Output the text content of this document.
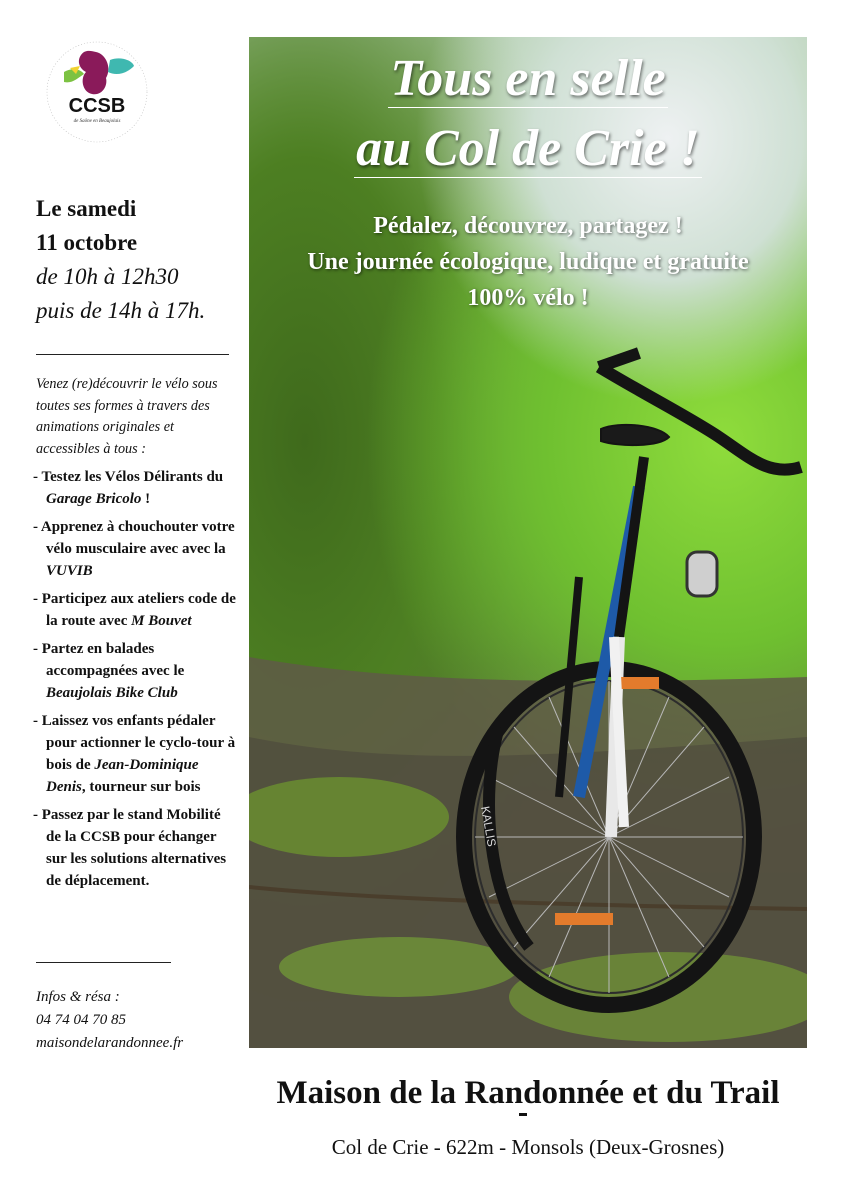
CCSB
de Saône en Beaujolais
Le samedi
11 octobre
de 10h à 12h30
puis de 14h à 17h.
Venez (re)découvrir le vélo sous toutes ses formes à travers des animations originales et accessibles à tous :
- Testez les Vélos Délirants du Garage Bricolo !
- Apprenez à chouchouter votre vélo musculaire avec avec la VUVIB
- Participez aux ateliers code de la route avec M Bouvet
- Partez en balades accompagnées avec le Beaujolais Bike Club
- Laissez vos enfants pédaler pour actionner le cyclo-tour à bois de Jean-Dominique Denis, tourneur sur bois
- Passez par le stand Mobilité de la CCSB pour échanger sur les solutions alternatives de déplacement.
Infos & résa :
04 74 04 70 85
maisondelarandonnee.fr
KALLIS
Tous en selle
au Col de Crie !
Pédalez, découvrez, partagez !
Une journée écologique, ludique et gratuite
100% vélo !
Maison de la Randonnée et du Trail
Col de Crie - 622m - Monsols (Deux-Grosnes)
